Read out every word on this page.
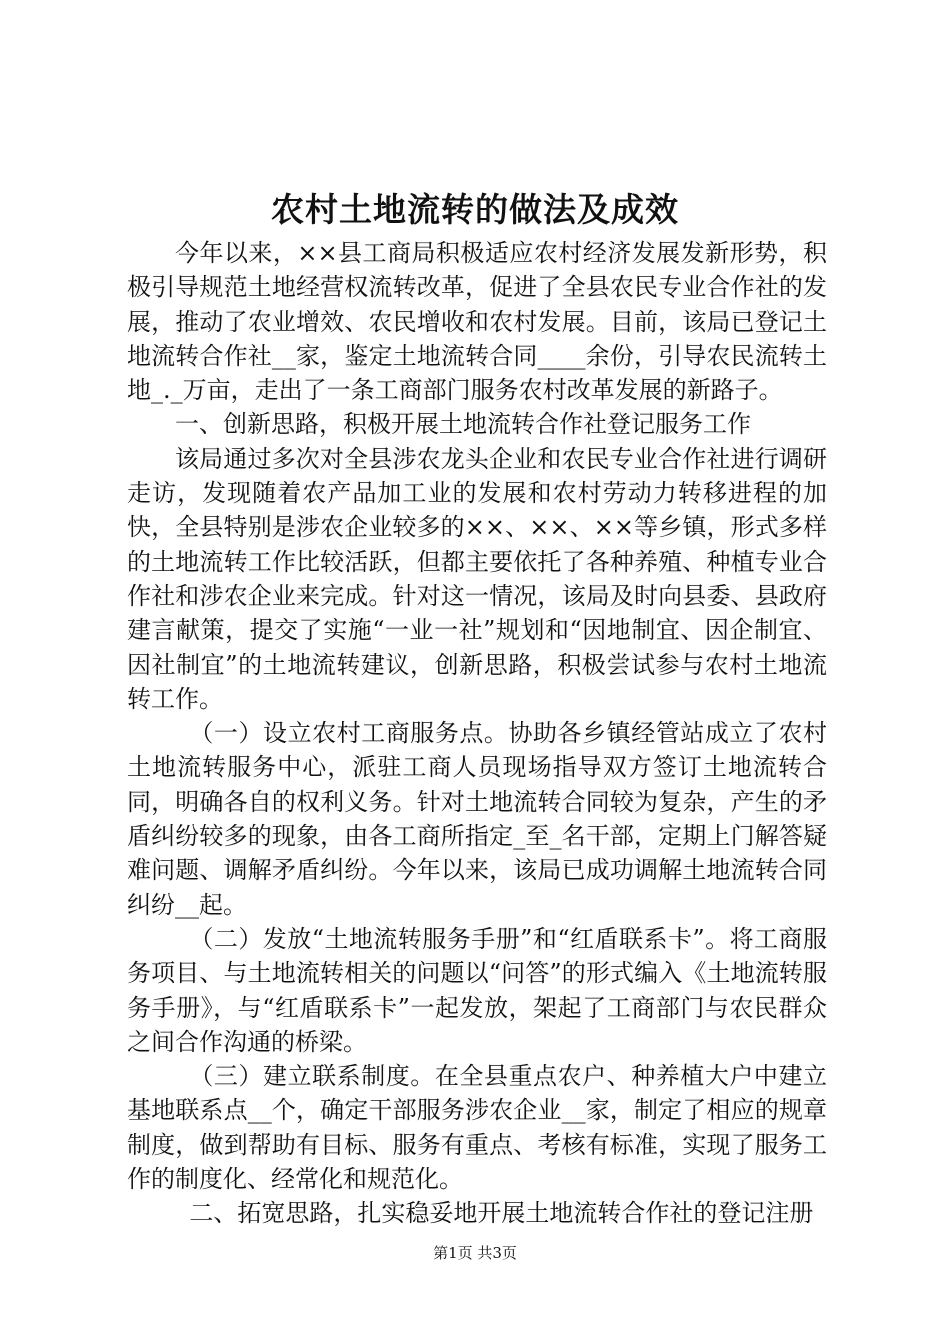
农村土地流转的做法及成效

今年以来，××县工商局积极适应农村经济发展发新形势，积极引导规范土地经营权流转改革，促进了全县农民专业合作社的发展，推动了农业增效、农民增收和农村发展。目前，该局已登记土地流转合作社__家，鉴定土地流转合同____余份，引导农民流转土地_._万亩，走出了一条工商部门服务农村改革发展的新路子。

一、创新思路，积极开展土地流转合作社登记服务工作

该局通过多次对全县涉农龙头企业和农民专业合作社进行调研走访，发现随着农产品加工业的发展和农村劳动力转移进程的加快，全县特别是涉农企业较多的××、××、××等乡镇，形式多样的土地流转工作比较活跃，但都主要依托了各种养殖、种植专业合作社和涉农企业来完成。针对这一情况，该局及时向县委、县政府建言献策，提交了实施“一业一社”规划和“因地制宜、因企制宜、因社制宜”的土地流转建议，创新思路，积极尝试参与农村土地流转工作。

（一）设立农村工商服务点。协助各乡镇经管站成立了农村土地流转服务中心，派驻工商人员现场指导双方签订土地流转合同，明确各自的权利义务。针对土地流转合同较为复杂，产生的矛盾纠纷较多的现象，由各工商所指定_至_名干部，定期上门解答疑难问题、调解矛盾纠纷。今年以来，该局已成功调解土地流转合同纠纷__起。

（二）发放“土地流转服务手册”和“红盾联系卡”。将工商服务项目、与土地流转相关的问题以“问答”的形式编入《土地流转服务手册》，与“红盾联系卡”一起发放，架起了工商部门与农民群众之间合作沟通的桥梁。

（三）建立联系制度。在全县重点农户、种养植大户中建立基地联系点__个，确定干部服务涉农企业__家，制定了相应的规章制度，做到帮助有目标、服务有重点、考核有标准，实现了服务工作的制度化、经常化和规范化。

二、拓宽思路，扎实稳妥地开展土地流转合作社的登记注册

第1页 共3页
